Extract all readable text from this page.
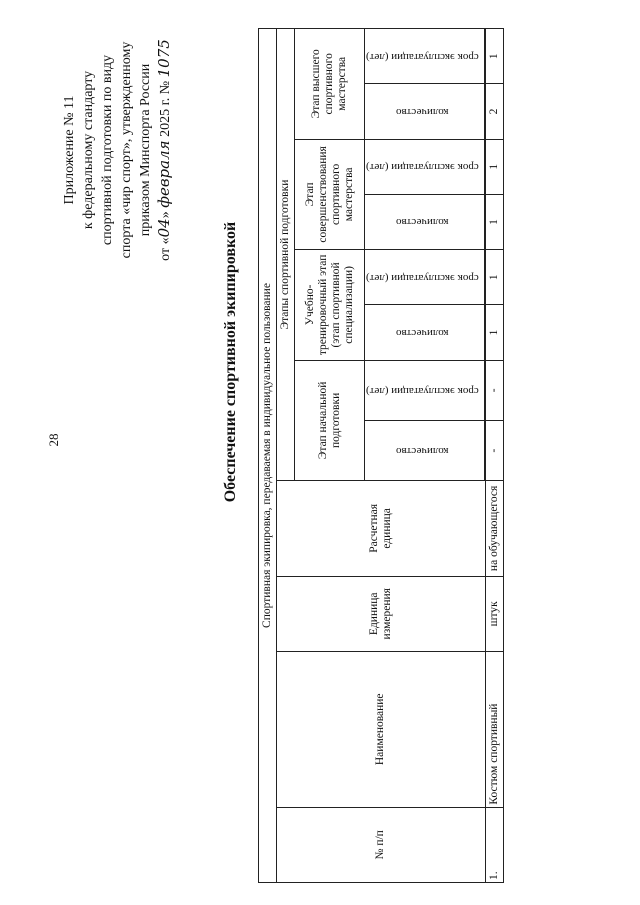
28
Приложение № 11 к федеральному стандарту спортивной подготовки по виду спорта «чир спорт», утвержденному приказом Минспорта России
от «04» февраля 2025 г. № 1075
Обеспечение спортивной экипировкой Спортивная экипировка, передаваемая в индивидуальное пользование											
№ п/п	Наименование	Единица измерения	Расчетная единица	Этапы спортивной подготовки							
				Этап начальной подготовки		Учебно-тренировочный этап (этап спортивной специализации)		Этап совершенствования спортивного мастерства		Этап высшего спортивного мастерства	
				количество	срок эксплуатации (лет)	количество	срок эксплуатации (лет)	количество	срок эксплуатации (лет)	количество	срок эксплуатации (лет)

1.	Костюм спортивный	штук	на обучающегося	-	-	1	1	1	1	2	1
